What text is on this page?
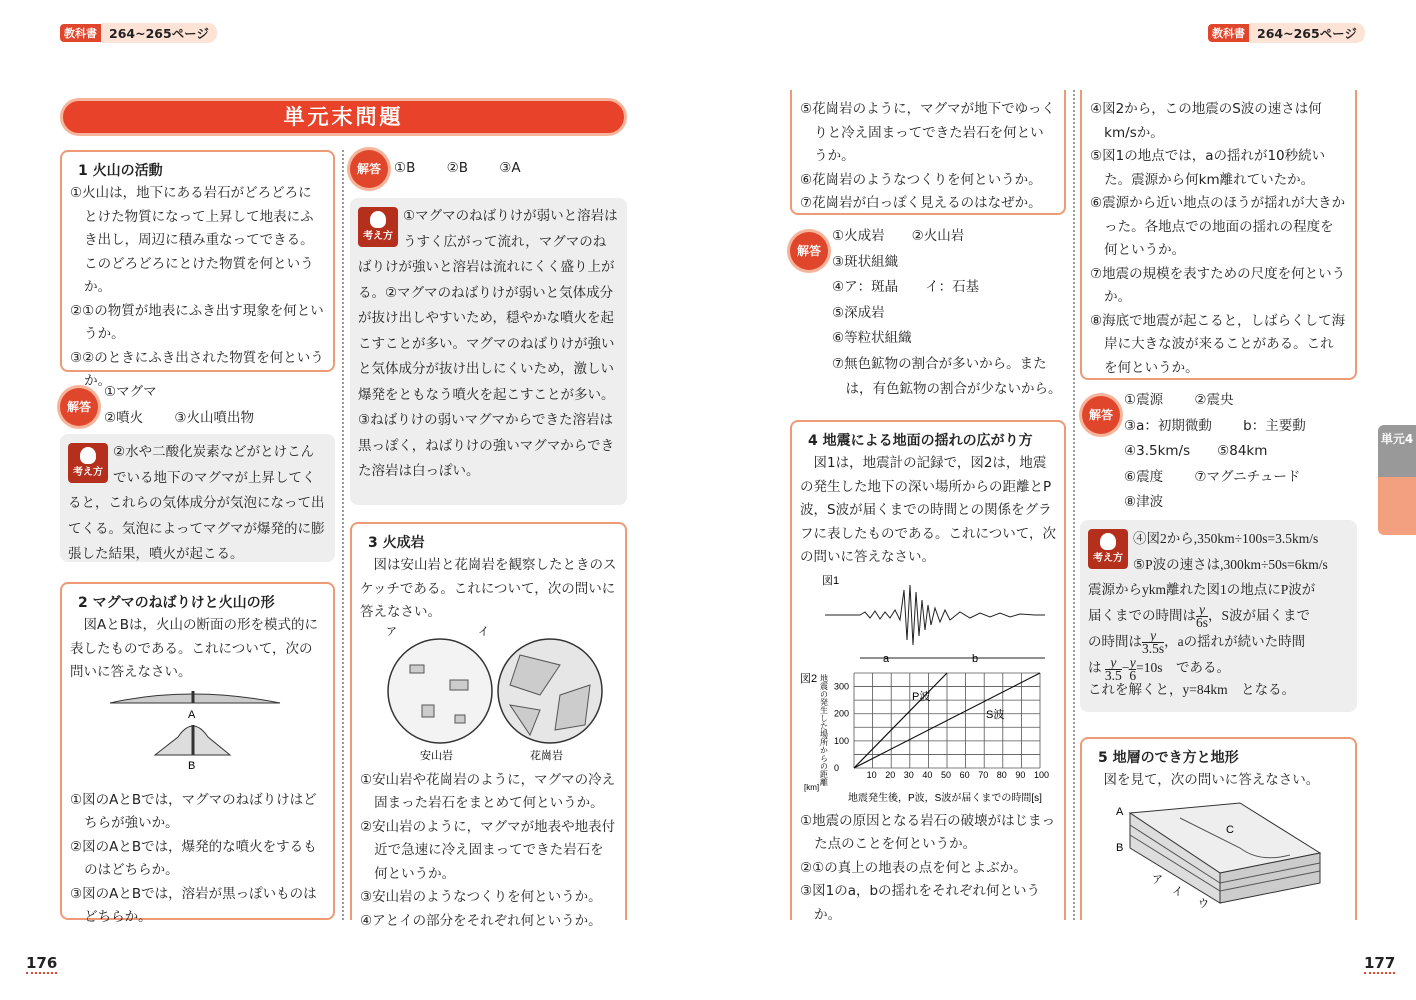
教科書 264~265ページ	教科書 264~265ページ
176	177
単元4
単元末問題
1 火山の活動
①火山は，地下にある岩石がどろどろにとけた物質になって上昇して地表にふき出し，周辺に積み重なってできる。このどろどろにとけた物質を何というか。
②①の物質が地表にふき出す現象を何というか。
③②のときにふき出された物質を何というか。
解答
①マグマ
②噴火　　 ③火山噴出物
考え方
②水や二酸化炭素などがとけこんでいる地下のマグマが上昇してくると，これらの気体成分が気泡になって出てくる。気泡によってマグマが爆発的に膨張した結果，噴火が起こる。
2 マグマのねばりけと火山の形
図AとBは，火山の断面の形を模式的に表したものである。これについて，次の問いに答えなさい。
A
B
①図のAとBでは，マグマのねばりけはどちらが強いか。
②図のAとBでは，爆発的な噴火をするものはどちらか。
③図のAとBでは，溶岩が黒っぽいものはどちらか。
解答 ①B　　 ②B　　 ③A
考え方
①マグマのねばりけが弱いと溶岩はうすく広がって流れ，マグマのねばりけが強いと溶岩は流れにくく盛り上がる。②マグマのねばりけが弱いと気体成分が抜け出しやすいため，穏やかな噴火を起こすことが多い。マグマのねばりけが強いと気体成分が抜け出しにくいため，激しい爆発をともなう噴火を起こすことが多い。③ねばりけの弱いマグマからできた溶岩は黒っぽく，ねばりけの強いマグマからできた溶岩は白っぽい。
3 火成岩
図は安山岩と花崗岩を観察したときのスケッチである。これについて，次の問いに答えなさい。
ア	イ
安山岩	花崗岩
①安山岩や花崗岩のように，マグマの冷え固まった岩石をまとめて何というか。
②安山岩のように，マグマが地表や地表付近で急速に冷え固まってできた岩石を何というか。
③安山岩のようなつくりを何というか。
④アとイの部分をそれぞれ何というか。
⑤花崗岩のように，マグマが地下でゆっくりと冷え固まってできた岩石を何というか。
⑥花崗岩のようなつくりを何というか。
⑦花崗岩が白っぽく見えるのはなぜか。
解答
①火成岩　　②火山岩
③斑状組織
④ア：斑晶　　イ：石基
⑤深成岩
⑥等粒状組織
⑦無色鉱物の割合が多いから。また
　は，有色鉱物の割合が少ないから。
4 地震による地面の揺れの広がり方
図1は，地震計の記録で，図2は，地震の発生した地下の深い場所からの距離とP波，S波が届くまでの時間との関係をグラフに表したものである。これについて，次の問いに答えなさい。
図1
a	b
図2
P波
S波
0
100
200
300
10 20 30 40 50 60 70 80 90 100
[km]
地震発生後，P波，S波が届くまでの時間[s]
地震の発生した場所からの距離
①地震の原因となる岩石の破壊がはじまった点のことを何というか。
②①の真上の地表の点を何とよぶか。
③図1のa，bの揺れをそれぞれ何というか。
④図2から，この地震のS波の速さは何km/sか。
⑤図1の地点では，aの揺れが10秒続いた。震源から何km離れていたか。
⑥震源から近い地点のほうが揺れが大きかった。各地点での地面の揺れの程度を何というか。
⑦地震の規模を表すための尺度を何というか。
⑧海底で地震が起こると，しばらくして海岸に大きな波が来ることがある。これを何というか。
解答
①震源　　 ②震央
③a：初期微動　　 b：主要動
④3.5km/s　　⑤84km
⑥震度　　 ⑦マグニチュード
⑧津波
考え方
④図2から,350km÷100s=3.5km/s
⑤P波の速さは,300km÷50s=6km/s
震源からykm離れた図1の地点にP波が
届くまでの時間は $\frac{y}{6s}$ ，S波が届くまで
の時間は $\frac{y}{3.5s}$ ，aの揺れが続いた時間
は $\frac{y}{3.5} - \frac{y}{6} =10s$　である。
これを解くと，y=84km　となる。
5 地層のでき方と地形
図を見て，次の問いに答えなさい。
A
B
C
ア
イ
ウ
